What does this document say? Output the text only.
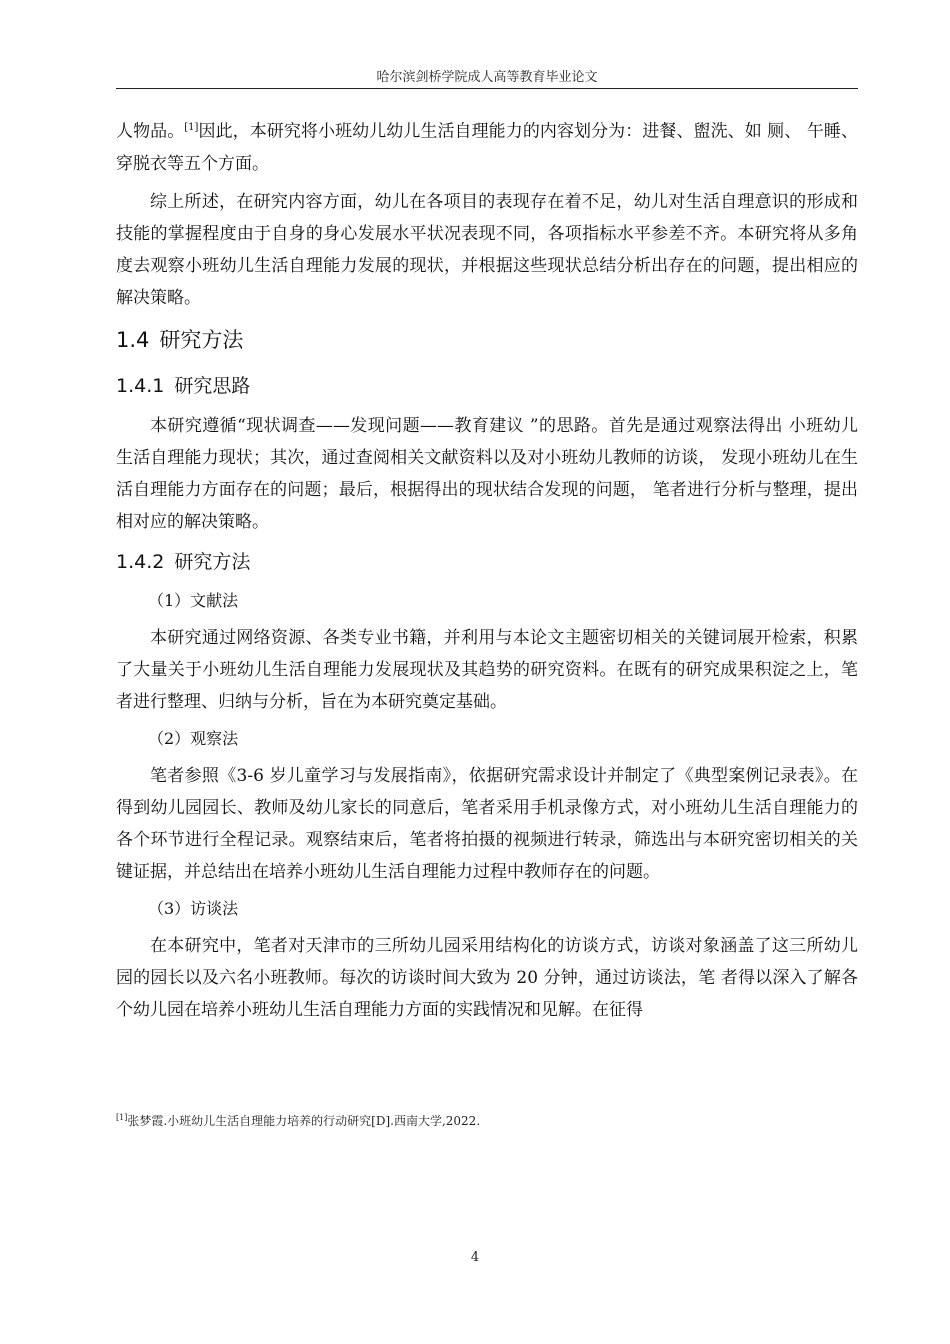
哈尔滨剑桥学院成人高等教育毕业论文

人物品。[1]因此，本研究将小班幼儿幼儿生活自理能力的内容划分为：进餐、盥洗、如 厕、 午睡、穿脱衣等五个方面。

综上所述，在研究内容方面，幼儿在各项目的表现存在着不足，幼儿对生活自理意识的形成和技能的掌握程度由于自身的身心发展水平状况表现不同，各项指标水平参差不齐。本研究将从多角度去观察小班幼儿生活自理能力发展的现状，并根据这些现状总结分析出存在的问题，提出相应的解决策略。

1.4 研究方法
1.4.1 研究思路

本研究遵循“现状调查——发现问题——教育建议 ”的思路。首先是通过观察法得出 小班幼儿生活自理能力现状；其次，通过查阅相关文献资料以及对小班幼儿教师的访谈， 发现小班幼儿在生活自理能力方面存在的问题；最后，根据得出的现状结合发现的问题， 笔者进行分析与整理，提出相对应的解决策略。

1.4.2 研究方法

（1）文献法

本研究通过网络资源、各类专业书籍，并利用与本论文主题密切相关的关键词展开检索，积累了大量关于小班幼儿生活自理能力发展现状及其趋势的研究资料。在既有的研究成果积淀之上，笔者进行整理、归纳与分析，旨在为本研究奠定基础。

（2）观察法

笔者参照《3-6 岁儿童学习与发展指南》，依据研究需求设计并制定了《典型案例记录表》。在得到幼儿园园长、教师及幼儿家长的同意后，笔者采用手机录像方式，对小班幼儿生活自理能力的各个环节进行全程记录。观察结束后，笔者将拍摄的视频进行转录，筛选出与本研究密切相关的关键证据，并总结出在培养小班幼儿生活自理能力过程中教师存在的问题。

（3）访谈法

在本研究中，笔者对天津市的三所幼儿园采用结构化的访谈方式，访谈对象涵盖了这三所幼儿园的园长以及六名小班教师。每次的访谈时间大致为 20 分钟，通过访谈法，笔 者得以深入了解各个幼儿园在培养小班幼儿生活自理能力方面的实践情况和见解。在征得

[1]张梦霞.小班幼儿生活自理能力培养的行动研究[D].西南大学,2022.
4
